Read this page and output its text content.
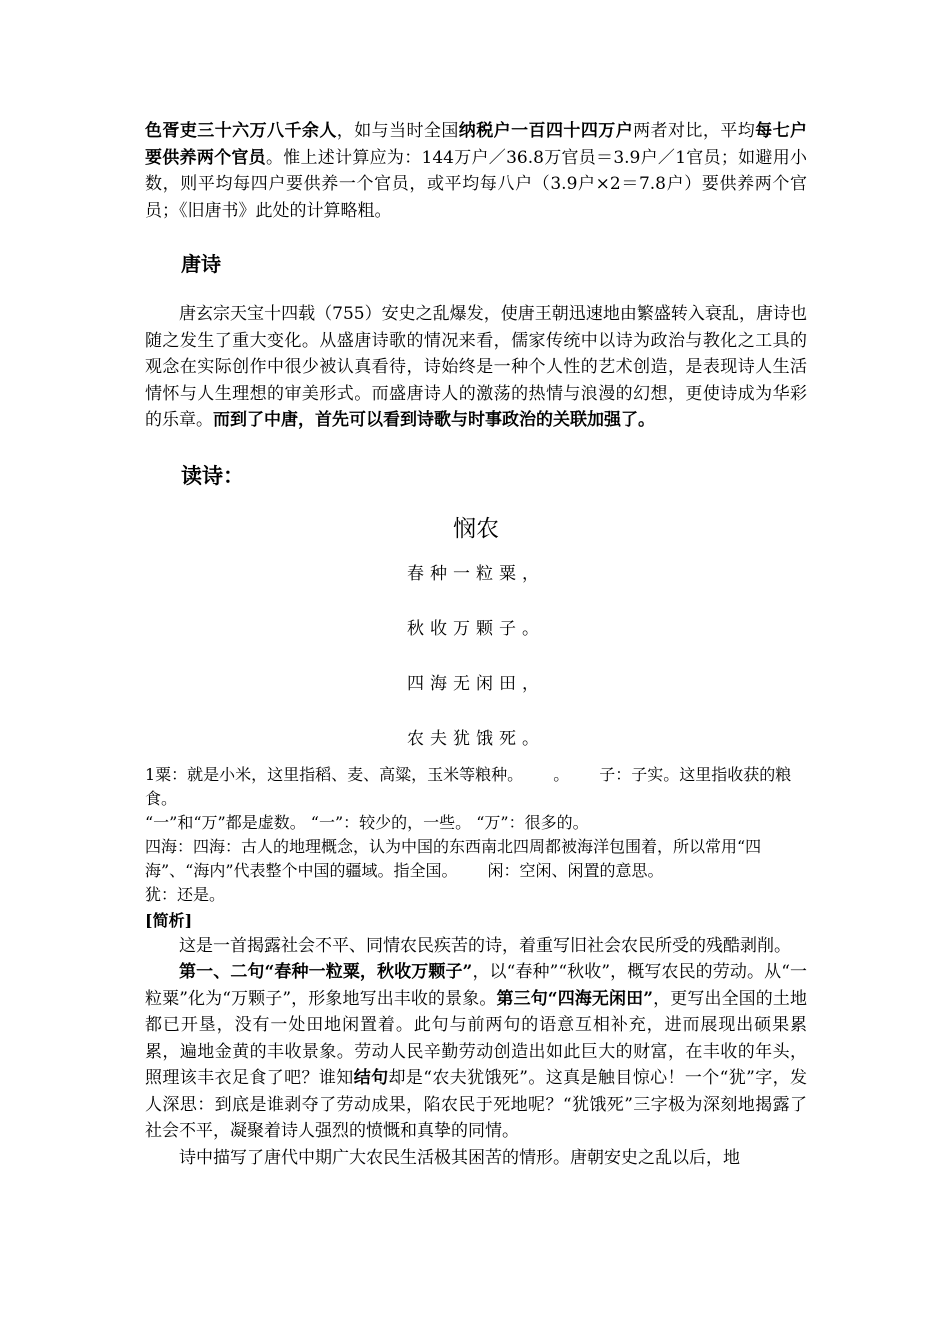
色胥吏三十六万八千余人，如与当时全国纳税户一百四十四万户两者对比，平均每七户要供养两个官员。惟上述计算应为：144万户／36.8万官员＝3.9户／1官员；如避用小数，则平均每四户要供养一个官员，或平均每八户（3.9户×2＝7.8户）要供养两个官员；《旧唐书》此处的计算略粗。

唐诗

唐玄宗天宝十四载（755）安史之乱爆发，使唐王朝迅速地由繁盛转入衰乱，唐诗也随之发生了重大变化。从盛唐诗歌的情况来看，儒家传统中以诗为政治与教化之工具的观念在实际创作中很少被认真看待，诗始终是一种个人性的艺术创造，是表现诗人生活情怀与人生理想的审美形式。而盛唐诗人的激荡的热情与浪漫的幻想，更使诗成为华彩的乐章。而到了中唐，首先可以看到诗歌与时事政治的关联加强了。

读诗：

悯农

春种一粒粟，

秋收万颗子。

四海无闲田，

农夫犹饿死。

1粟：就是小米，这里指稻、麦、高粱，玉米等粮种。 。 子：子实。这里指收获的粮食。

“一”和“万”都是虚数。 “一”：较少的，一些。 “万”：很多的。

四海：四海：古人的地理概念，认为中国的东西南北四周都被海洋包围着，所以常用“四海”、“海内”代表整个中国的疆域。指全国。 闲：空闲、闲置的意思。

犹：还是。

[简析]

这是一首揭露社会不平、同情农民疾苦的诗，着重写旧社会农民所受的残酷剥削。

第一、二句“春种一粒粟，秋收万颗子”，以“春种”“秋收”，概写农民的劳动。从“一粒粟”化为“万颗子”，形象地写出丰收的景象。第三句“四海无闲田”，更写出全国的土地都已开垦，没有一处田地闲置着。此句与前两句的语意互相补充，进而展现出硕果累累，遍地金黄的丰收景象。劳动人民辛勤劳动创造出如此巨大的财富，在丰收的年头，照理该丰衣足食了吧？谁知结句却是“农夫犹饿死”。这真是触目惊心！一个“犹”字，发人深思：到底是谁剥夺了劳动成果，陷农民于死地呢？“犹饿死”三字极为深刻地揭露了社会不平，凝聚着诗人强烈的愤慨和真挚的同情。

诗中描写了唐代中期广大农民生活极其困苦的情形。唐朝安史之乱以后，地
